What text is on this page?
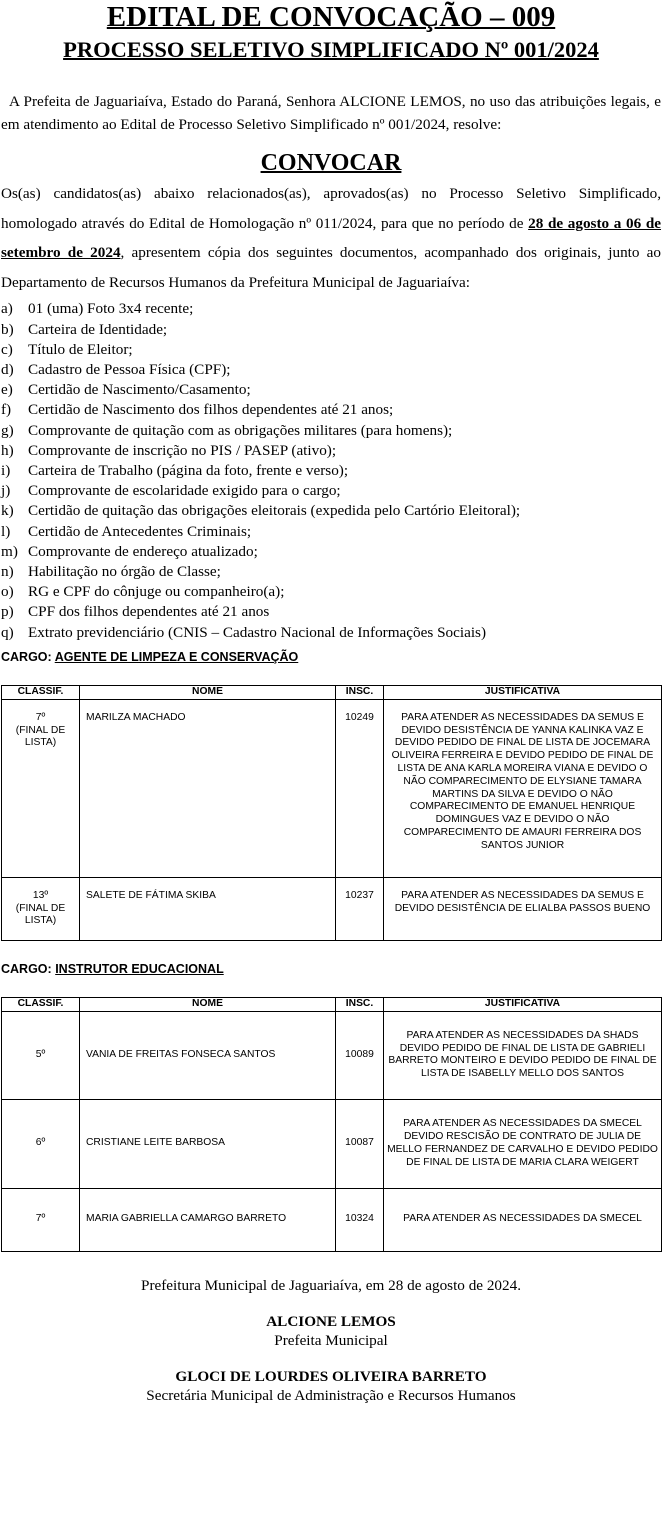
EDITAL DE CONVOCAÇÃO – 009
PROCESSO SELETIVO SIMPLIFICADO Nº 001/2024

A Prefeita de Jaguariaíva, Estado do Paraná, Senhora ALCIONE LEMOS, no uso das atribuições legais, e em atendimento ao Edital de Processo Seletivo Simplificado nº 001/2024, resolve:

CONVOCAR

Os(as) candidatos(as) abaixo relacionados(as), aprovados(as) no Processo Seletivo Simplificado, homologado através do Edital de Homologação nº 011/2024, para que no período de 28 de agosto a 06 de setembro de 2024, apresentem cópia dos seguintes documentos, acompanhado dos originais, junto ao Departamento de Recursos Humanos da Prefeitura Municipal de Jaguariaíva:

a) 01 (uma) Foto 3x4 recente;
b) Carteira de Identidade;
c) Título de Eleitor;
d) Cadastro de Pessoa Física (CPF);
e) Certidão de Nascimento/Casamento;
f)	Certidão de Nascimento dos filhos dependentes até 21 anos;
g) Comprovante de quitação com as obrigações militares (para homens);
h) Comprovante de inscrição no PIS / PASEP (ativo);
i)	Carteira de Trabalho (página da foto, frente e verso);
j)	Comprovante de escolaridade exigido para o cargo;
k) Certidão de quitação das obrigações eleitorais (expedida pelo Cartório Eleitoral);
l)	Certidão de Antecedentes Criminais;
m) Comprovante de endereço atualizado;
n) Habilitação no órgão de Classe;
o) RG e CPF do cônjuge ou companheiro(a);
p) CPF dos filhos dependentes até 21 anos
q) Extrato previdenciário (CNIS – Cadastro Nacional de Informações Sociais)
CARGO: AGENTE DE LIMPEZA E CONSERVAÇÃO
CLASSIF.	NOME	INSC.	JUSTIFICATIVA

7º
(FINAL DE LISTA)	MARILZA MACHADO	10249	PARA ATENDER AS NECESSIDADES DA SEMUS E DEVIDO DESISTÊNCIA DE YANNA KALINKA VAZ E DEVIDO PEDIDO DE FINAL DE LISTA DE JOCEMARA OLIVEIRA FERREIRA E DEVIDO PEDIDO DE FINAL DE LISTA DE ANA KARLA MOREIRA VIANA E DEVIDO O NÃO COMPARECIMENTO DE ELYSIANE TAMARA MARTINS DA SILVA E DEVIDO O NÃO COMPARECIMENTO DE EMANUEL HENRIQUE DOMINGUES VAZ E DEVIDO O NÃO COMPARECIMENTO DE AMAURI FERREIRA DOS SANTOS JUNIOR

13º
(FINAL DE LISTA)	SALETE DE FÁTIMA SKIBA	10237	PARA ATENDER AS NECESSIDADES DA SEMUS E DEVIDO DESISTÊNCIA DE ELIALBA PASSOS BUENO
CARGO: INSTRUTOR EDUCACIONAL
CLASSIF.	NOME	INSC.	JUSTIFICATIVA
5º	VANIA DE FREITAS FONSECA SANTOS	10089	PARA ATENDER AS NECESSIDADES DA SHADS DEVIDO PEDIDO DE FINAL DE LISTA DE GABRIELI BARRETO MONTEIRO E DEVIDO PEDIDO DE FINAL DE LISTA DE ISABELLY MELLO DOS SANTOS
6º	CRISTIANE LEITE BARBOSA	10087	PARA ATENDER AS NECESSIDADES DA SMECEL DEVIDO RESCISÃO DE CONTRATO DE JULIA DE MELLO FERNANDEZ DE CARVALHO E DEVIDO PEDIDO DE FINAL DE LISTA DE MARIA CLARA WEIGERT
7º	MARIA GABRIELLA CAMARGO BARRETO	10324	PARA ATENDER AS NECESSIDADES DA SMECEL
Prefeitura Municipal de Jaguariaíva, em 28 de agosto de 2024.
ALCIONE LEMOS
Prefeita Municipal
GLOCI DE LOURDES OLIVEIRA BARRETO
Secretária Municipal de Administração e Recursos Humanos
